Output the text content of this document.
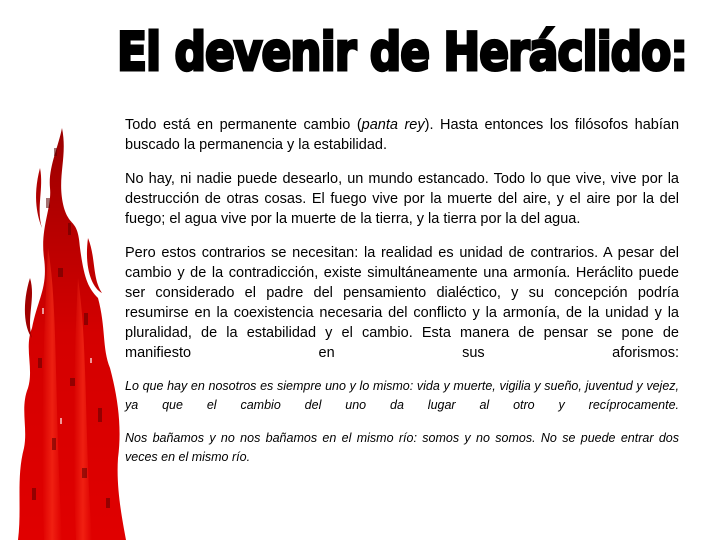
El devenir de Heráclido:

Todo está en permanente cambio (panta rey). Hasta entonces los filósofos habían buscado la permanencia y la estabilidad.

No hay, ni nadie puede desearlo, un mundo estancado. Todo lo que vive, vive por la destrucción de otras cosas. El fuego vive por la muerte del aire, y el aire por la del fuego; el agua vive por la muerte de la tierra, y la tierra por la del agua.

Pero estos contrarios se necesitan: la realidad es unidad de contrarios. A pesar del cambio y de la contradicción, existe simultáneamente una armonía. Heráclito puede ser considerado el padre del pensamiento dialéctico, y su concepción podría resumirse en la coexistencia necesaria del conflicto y la armonía, de la unidad y la pluralidad, de la estabilidad y el cambio. Esta manera de pensar se pone de manifiesto en sus aforismos:

Lo que hay en nosotros es siempre uno y lo mismo: vida y muerte, vigilia y sueño, juventud y vejez, ya que el cambio del uno da lugar al otro y recíprocamente.

Nos bañamos y no nos bañamos en el mismo río: somos y no somos. No se puede entrar dos veces en el mismo río.
